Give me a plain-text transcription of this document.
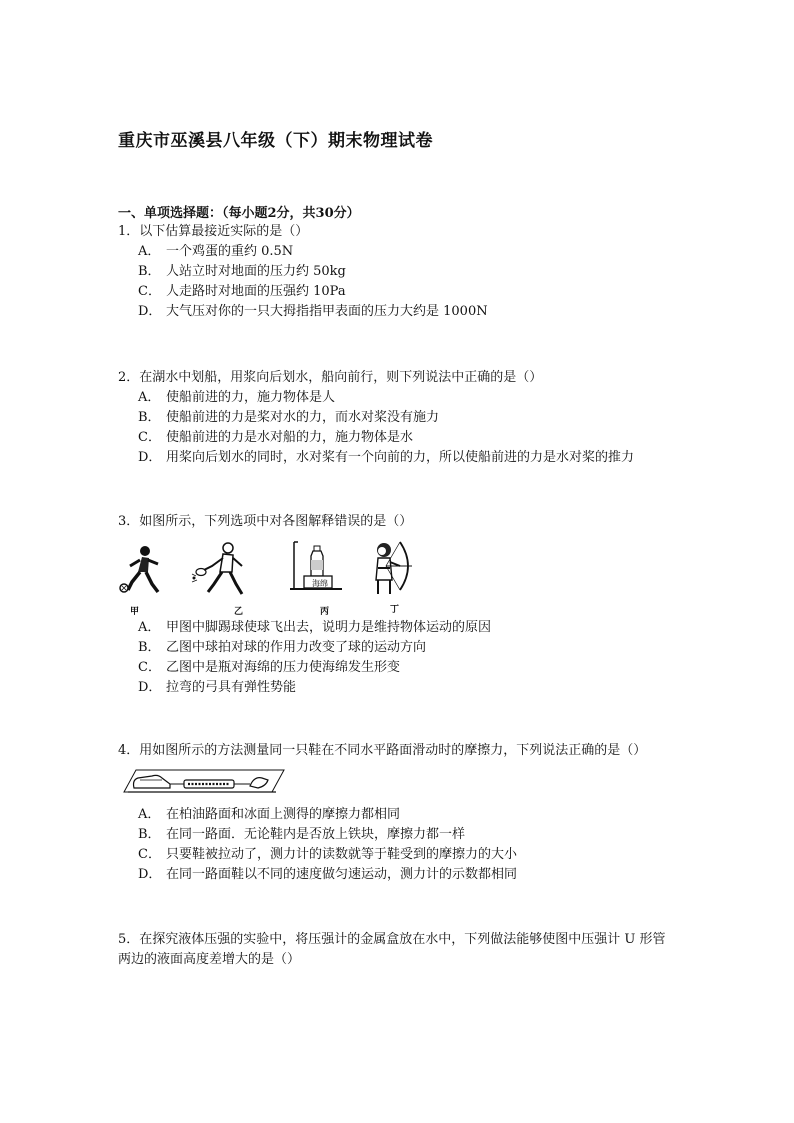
重庆市巫溪县八年级（下）期末物理试卷
一、单项选择题：（每小题2分，共30分）
1．以下估算最接近实际的是（）
A． 一个鸡蛋的重约 0.5N
B． 人站立时对地面的压力约 50kg
C． 人走路时对地面的压强约 10Pa
D． 大气压对你的一只大拇指指甲表面的压力大约是 1000N
2．在湖水中划船，用浆向后划水，船向前行，则下列说法中正确的是（）
A． 使船前进的力，施力物体是人
B． 使船前进的力是桨对水的力，而水对桨没有施力
C． 使船前进的力是水对船的力，施力物体是水
D． 用桨向后划水的同时，水对桨有一个向前的力，所以使船前进的力是水对桨的推力
3．如图所示，下列选项中对各图解释错误的是（）
海绵
甲	乙	丙	丁
A． 甲图中脚踢球使球飞出去，说明力是维持物体运动的原因
B． 乙图中球拍对球的作用力改变了球的运动方向
C． 乙图中是瓶对海绵的压力使海绵发生形变
D． 拉弯的弓具有弹性势能
4．用如图所示的方法测量同一只鞋在不同水平路面滑动时的摩擦力，下列说法正确的是（）
A． 在柏油路面和冰面上测得的摩擦力都相同
B． 在同一路面．无论鞋内是否放上铁块，摩擦力都一样
C． 只要鞋被拉动了，测力计的读数就等于鞋受到的摩擦力的大小
D． 在同一路面鞋以不同的速度做匀速运动，测力计的示数都相同
5．在探究液体压强的实验中，将压强计的金属盒放在水中，下列做法能够使图中压强计 U 形管两边的液面高度差增大的是（）
